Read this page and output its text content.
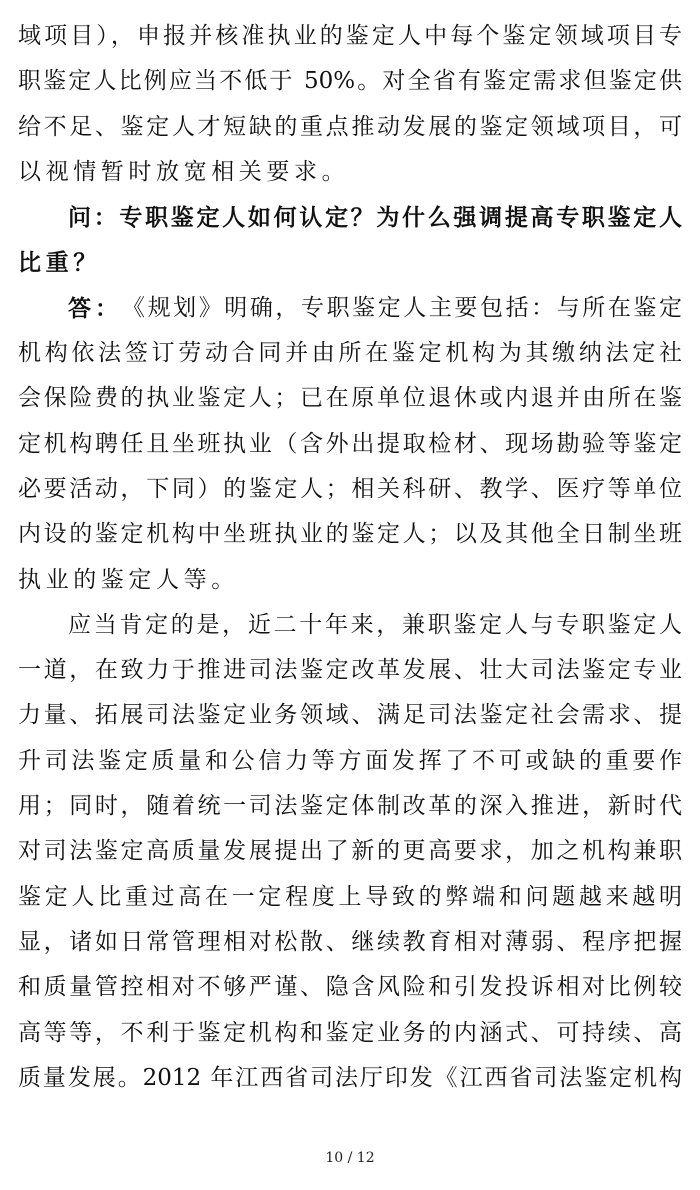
域项目），申报并核准执业的鉴定人中每个鉴定领域项目专
职鉴定人比例应当不低于 50%。对全省有鉴定需求但鉴定供
给不足、鉴定人才短缺的重点推动发展的鉴定领域项目，可
以视情暂时放宽相关要求。
问：专职鉴定人如何认定？为什么强调提高专职鉴定人
比重？
答： 《规划》明确，专职鉴定人主要包括：与所在鉴定
机构依法签订劳动合同并由所在鉴定机构为其缴纳法定社
会保险费的执业鉴定人；已在原单位退休或内退并由所在鉴
定机构聘任且坐班执业（含外出提取检材、现场勘验等鉴定
必要活动，下同）的鉴定人；相关科研、教学、医疗等单位
内设的鉴定机构中坐班执业的鉴定人；以及其他全日制坐班
执业的鉴定人等。
应当肯定的是，近二十年来，兼职鉴定人与专职鉴定人
一道，在致力于推进司法鉴定改革发展、壮大司法鉴定专业
力量、拓展司法鉴定业务领域、满足司法鉴定社会需求、提
升司法鉴定质量和公信力等方面发挥了不可或缺的重要作
用；同时，随着统一司法鉴定体制改革的深入推进，新时代
对司法鉴定高质量发展提出了新的更高要求，加之机构兼职
鉴定人比重过高在一定程度上导致的弊端和问题越来越明
显，诸如日常管理相对松散、继续教育相对薄弱、程序把握
和质量管控相对不够严谨、隐含风险和引发投诉相对比例较
高等等，不利于鉴定机构和鉴定业务的内涵式、可持续、高
质量发展。2012 年江西省司法厅印发《江西省司法鉴定机构
10 / 12
